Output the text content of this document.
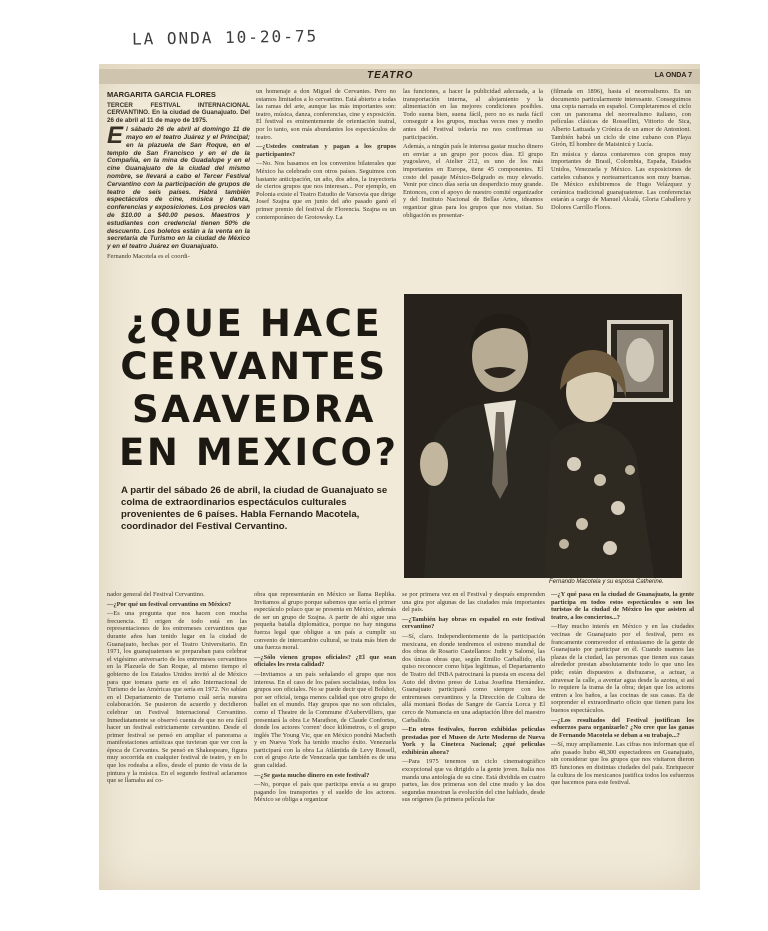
LA ONDA 10-20-75
TEATRO	LA ONDA 7
MARGARITA GARCIA FLORES

TERCER FESTIVAL INTERNACIONAL CERVANTINO. En la ciudad de Guanajuato. Del 26 de abril al 11 de mayo de 1975.

El sábado 26 de abril al domingo 11 de mayo en el teatro Juárez y el Principal; en la plazuela de San Roque, en el templo de San Francisco y en el de la Compañía, en la mina de Guadalupe y en el cine Guanajuato de la ciudad del mismo nombre, se llevará a cabo el Tercer Festival Cervantino con la participación de grupos de teatro de seis países. Habrá también espectáculos de cine, música y danza, conferencias y exposiciones. Los precios van de $10.00 a $40.00 pesos. Maestros y estudiantes con credencial tienen 50% de descuento. Los boletos están a la venta en la secretaría de Turismo en la ciudad de México y en el teatro Juárez en Guanajuato.

Fernando Macotela es el coordi-

un homenaje a don Miguel de Cervantes. Pero no estamos limitados a lo cervantino. Está abierto a todas las ramas del arte, aunque las más importantes son: teatro, música, danza, conferencias, cine y exposición. El festival es eminentemente de orientación teatral, por lo tanto, son más abundantes los espectáculos de teatro.

—¿Ustedes contratan y pagan a los grupos participantes?

—No. Nos basamos en los convenios bilaterales que México ha celebrado con otros países. Seguimos con bastante anticipación, un año, dos años, la trayectoria de ciertos grupos que nos interesan... Por ejemplo, en Polonia existe el Teatro Estudio de Varsovia que dirige Josef Szajna que en junio del año pasado ganó el primer premio del festival de Florencia. Szajna es un contemporáneo de Grotowsky. La

las funciones, a hacer la publicidad adecuada, a la transportación interna, al alojamiento y la alimentación en las mejores condiciones posibles. Todo suena bien, suena fácil, pero no es nada fácil conseguir a los grupos, muchas veces mes y medio antes del Festival todavía no nos confirman su participación.

Además, a ningún país le interesa gastar mucho dinero en enviar a un grupo por pocos días. El grupo yugoslavo, el Atelier 212, es uno de los más importantes en Europa, tiene 45 componentes. El costo del pasaje México-Belgrado es muy elevado. Venir por cinco días sería un desperdicio muy grande. Entonces, con el apoyo de nuestro comité organizador y del Instituto Nacional de Bellas Artes, ideamos organizar giras para los grupos que nos visitan. Su obligación es presentar-

(filmada en 1896), hasta el neorrealismo. Es un documento particularmente interesante. Conseguimos una copia narrada en español. Completaremos el ciclo con un panorama del neorrealismo italiano, con películas clásicas de Rossellini, Vittorio de Sica, Alberto Lattuada y Crónica de un amor de Antonioni. También habrá un ciclo de cine cubano con Playa Girón, El hombre de Maisinicú y Lucía.

En música y danza contaremos con grupos muy importantes de Brasil, Colombia, España, Estados Unidos, Venezuela y México. Las exposiciones de carteles cubanos y norteamericanos son muy buenas. De México exhibiremos de Hugo Velázquez y cerámica tradicional guanajuatense. Las conferencias estarán a cargo de Manuel Alcalá, Gloria Caballero y Dolores Carrillo Flores.

¿QUE HACE
CERVANTES
SAAVEDRA
EN MEXICO?
A partir del sábado 26 de abril, la ciudad de Guanajuato se colma de extraordinarios espectáculos culturales provenientes de 6 países. Habla Fernando Macotela, coordinador del Festival Cervantino.
Fernando Macotela y su esposa Catherine.

nador general del Festival Cervantino.

—¿Por qué un festival cervantino en México?

—Es una pregunta que nos hacen con mucha frecuencia. El origen de todo está en las representaciones de los entremeses cervantinos que durante años han tenido lugar en la ciudad de Guanajuato, hechas por el Teatro Universitario. En 1971, los guanajuatenses se preparaban para celebrar el vigésimo aniversario de los entremeses cervantinos en la Plazuela de San Roque, al mismo tiempo el gobierno de los Estados Unidos invitó al de México para que tomara parte en el año Internacional de Turismo de las Américas que sería en 1972. No sabían en el Departamento de Turismo cuál sería nuestra colaboración. Se pusieron de acuerdo y decidieron celebrar un Festival Internacional Cervantino. Inmediatamente se observó cuenta de que no era fácil hacer un festival estrictamente cervantino. Desde el primer festival se pensó en ampliar el panorama a manifestaciones artísticas que tuvieran que ver con la época de Cervantes. Se pensó en Shakespeare, figura muy socorrida en cualquier festival de teatro, y en lo que los rodeaba a ellos, desde el punto de vista de la pintura y la música. En el segundo festival aclaramos que se llamaba así co-

obra que representarán en México se llama Replika. Invitamos al grupo porque sabemos que sería el primer espectáculo polaco que se presenta en México, además de ser un grupo de Szajna. A partir de ahí sigue una pequeña batalla diplomática, porque no hay ninguna fuerza legal que obligue a un país a cumplir su convenio de intercambio cultural, se trata más bien de una fuerza moral.

—¿Sólo vienen grupos oficiales? ¿El que sean oficiales les resta calidad?

—Invitamos a un país señalando el grupo que nos interesa. En el caso de los países socialistas, todos los grupos son oficiales. No se puede decir que el Bolshoi, por ser oficial, tenga menos calidad que otro grupo de ballet en el mundo. Hay grupos que no son oficiales, como el Theatre de la Commune d'Aubervilliers, que presentará la obra Le Marathon, de Claude Confortes, donde los actores 'corren' doce kilómetros, o el grupo inglés The Young Vic, que en México pondrá Macbeth y en Nueva York ha tenido mucho éxito. Venezuela participará con la obra La Atlántida de Levy Rossell, con el grupo Arte de Venezuela que también es de una gran calidad.

—¿Se gasta mucho dinero en este festival?

—No, porque el país que participa envía a su grupo pagando los transportes y el sueldo de los actores. México se obliga a organizar

se por primera vez en el Festival y después emprenden una gira por algunas de las ciudades más importantes del país.

—¿También hay obras en español en este festival cervantino?

—Sí, claro. Independientemente de la participación mexicana, en donde tendremos el estreno mundial de dos obras de Rosario Castellanos: Judit y Salomé, las dos únicas obras que, según Emilio Carballido, ella quiso reconocer como hijas legítimas, el Departamento de Teatro del INBA patrocinará la puesta en escena del Auto del divino preso de Luisa Josefina Hernández. Guanajuato participará como siempre con los entremeses cervantinos y la Dirección de Cultura de allá montará Bodas de Sangre de García Lorca y El cerco de Numancia en una adaptación libre del maestro Carballido.

—En otros festivales, fueron exhibidas películas prestadas por el Museo de Arte Moderno de Nueva York y la Cineteca Nacional; ¿qué películas exhibirán ahora?

—Para 1975 tenemos un ciclo cinematográfico excepcional que va dirigido a la gente joven. Italia nos manda una antología de su cine. Está dividida en cuatro partes, las dos primeras son del cine mudo y las dos segundas muestran la evolución del cine hablado, desde sus orígenes (la primera película fue

—¿Y qué pasa en la ciudad de Guanajuato, la gente participa en todos estos espectáculos o son los turistas de la ciudad de México los que asisten al teatro, a los conciertos...?

—Hay mucho interés en México y en las ciudades vecinas de Guanajuato por el festival, pero es francamente conmovedor el entusiasmo de la gente de Guanajuato por participar en él. Cuando usamos las plazas de la ciudad, las personas que tienen sus casas alrededor prestan absolutamente todo lo que uno les pide; están dispuestos a disfrazarse, a actuar, a atravesar la calle, a aventar agua desde la azotea, si así lo requiere la trama de la obra; dejan que los actores entren a los baños, a las cocinas de sus casas. Es de sorprender el extraordinario oficio que tienen para los buenos espectáculos.

—¿Los resultados del Festival justifican los esfuerzos para organizarlo? ¿No cree que las ganas de Fernando Macotela se deban a su trabajo...?

—Sí, muy ampliamente. Las cifras nos informan que el año pasado hubo 48,300 espectadores en Guanajuato, sin considerar que los grupos que nos visitaron dieron 85 funciones en distintas ciudades del país. Enriquecer la cultura de los mexicanos justifica todos los esfuerzos que hacemos para este festival.
